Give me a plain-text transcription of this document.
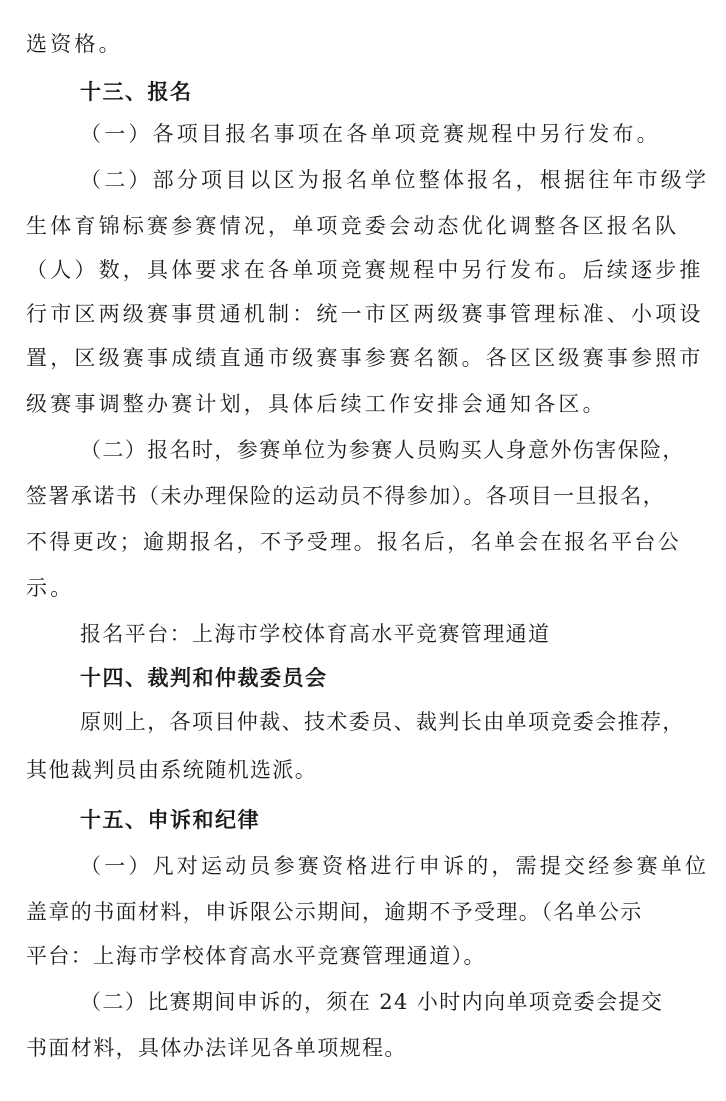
选资格。
十三、报名
（一）各项目报名事项在各单项竞赛规程中另行发布。
（二）部分项目以区为报名单位整体报名，根据往年市级学
生体育锦标赛参赛情况，单项竞委会动态优化调整各区报名队
（人）数，具体要求在各单项竞赛规程中另行发布。后续逐步推
行市区两级赛事贯通机制：统一市区两级赛事管理标准、小项设
置，区级赛事成绩直通市级赛事参赛名额。各区区级赛事参照市
级赛事调整办赛计划，具体后续工作安排会通知各区。
（二）报名时，参赛单位为参赛人员购买人身意外伤害保险，
签署承诺书（未办理保险的运动员不得参加）。各项目一旦报名，
不得更改；逾期报名，不予受理。报名后，名单会在报名平台公
示。
报名平台：上海市学校体育高水平竞赛管理通道
十四、裁判和仲裁委员会
原则上，各项目仲裁、技术委员、裁判长由单项竞委会推荐，
其他裁判员由系统随机选派。
十五、申诉和纪律
（一）凡对运动员参赛资格进行申诉的，需提交经参赛单位
盖章的书面材料，申诉限公示期间，逾期不予受理。（名单公示
平台：上海市学校体育高水平竞赛管理通道）。
（二）比赛期间申诉的，须在 24 小时内向单项竞委会提交
书面材料，具体办法详见各单项规程。
